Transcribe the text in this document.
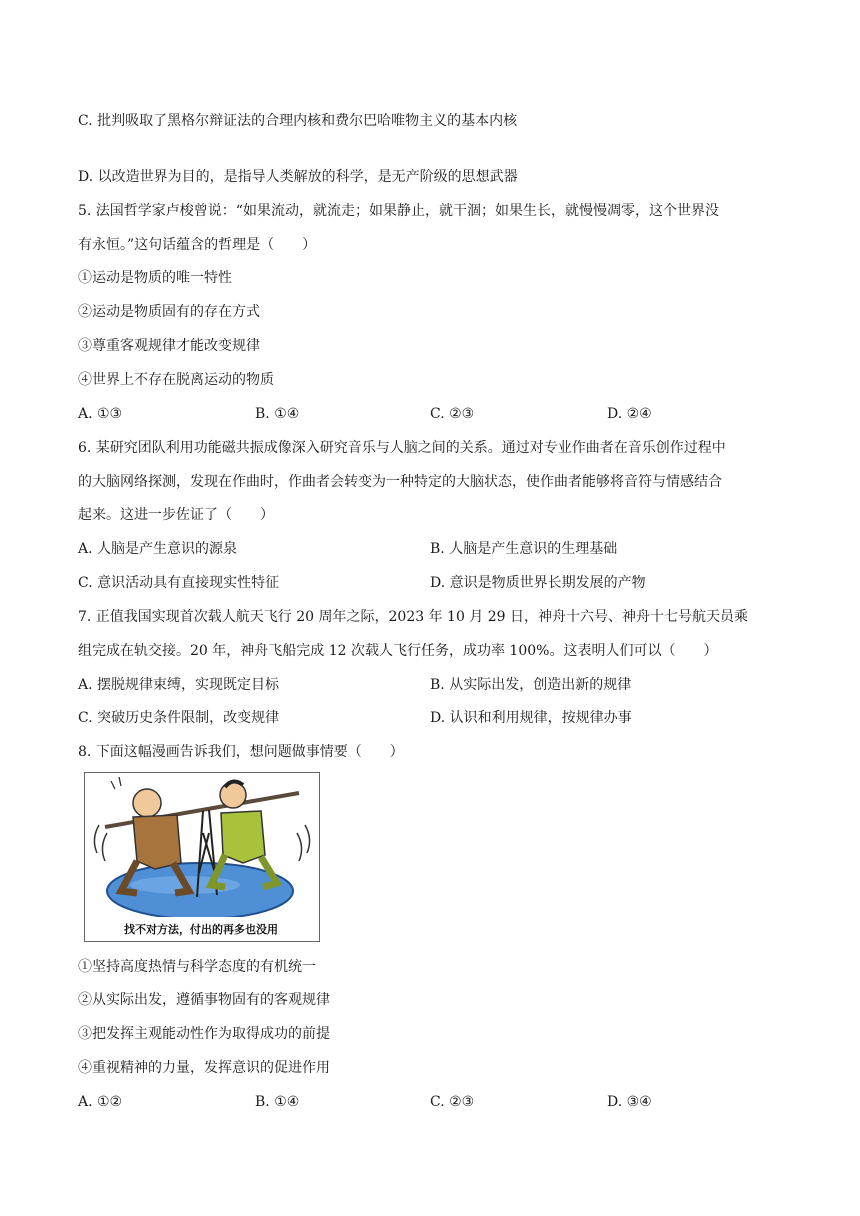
C. 批判吸取了黑格尔辩证法的合理内核和费尔巴哈唯物主义的基本内核
D. 以改造世界为目的，是指导人类解放的科学，是无产阶级的思想武器
5. 法国哲学家卢梭曾说：“如果流动，就流走；如果静止，就干涸；如果生长，就慢慢凋零，这个世界没
有永恒。”这句话蕴含的哲理是（　　）
①运动是物质的唯一特性
②运动是物质固有的存在方式
③尊重客观规律才能改变规律
④世界上不存在脱离运动的物质
A. ①③	B. ①④	C. ②③	D. ②④
6. 某研究团队利用功能磁共振成像深入研究音乐与人脑之间的关系。通过对专业作曲者在音乐创作过程中
的大脑网络探测，发现在作曲时，作曲者会转变为一种特定的大脑状态，使作曲者能够将音符与情感结合
起来。这进一步佐证了（　　）
A. 人脑是产生意识的源泉	B. 人脑是产生意识的生理基础
C. 意识活动具有直接现实性特征	D. 意识是物质世界长期发展的产物
7. 正值我国实现首次载人航天飞行 20 周年之际，2023 年 10 月 29 日，神舟十六号、神舟十七号航天员乘
组完成在轨交接。20 年，神舟飞船完成 12 次载人飞行任务，成功率 100%。这表明人们可以（　　）
A. 摆脱规律束缚，实现既定目标	B. 从实际出发，创造出新的规律
C. 突破历史条件限制，改变规律	D. 认识和利用规律，按规律办事
8. 下面这幅漫画告诉我们，想问题做事情要（　　）
找不对方法，付出的再多也没用
①坚持高度热情与科学态度的有机统一
②从实际出发，遵循事物固有的客观规律
③把发挥主观能动性作为取得成功的前提
④重视精神的力量，发挥意识的促进作用
A. ①②	B. ①④	C. ②③	D. ③④
